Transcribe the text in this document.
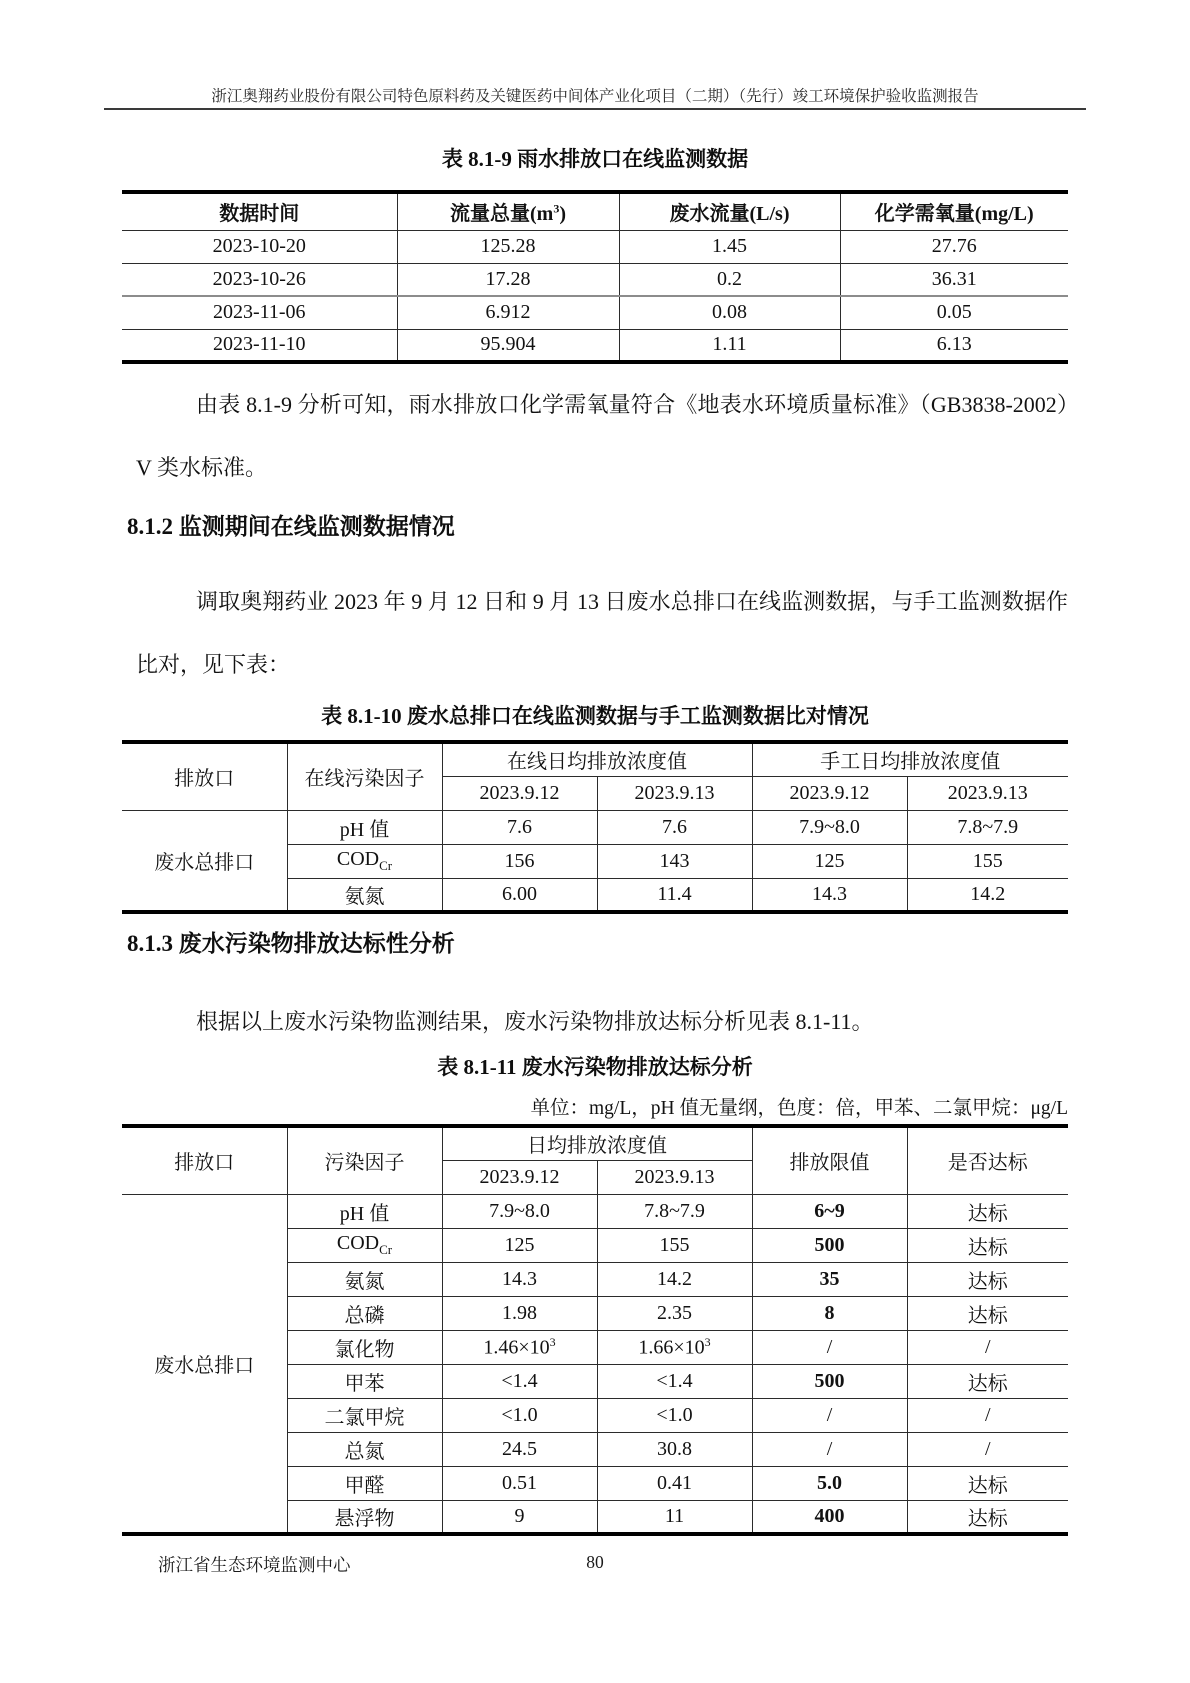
浙江奥翔药业股份有限公司特色原料药及关键医药中间体产业化项目（二期）（先行）竣工环境保护验收监测报告
表 8.1-9 雨水排放口在线监测数据
数据时间	流量总量$(m^3)$	废水流量(L/s)	化学需氧量(mg/L)
2023-10-20	125.28	1.45	27.76
2023-10-26	17.28	0.2	36.31
2023-11-06	6.912	0.08	0.05
2023-11-10	95.904	1.11	6.13

由表 8.1-9 分析可知，雨水排放口化学需氧量符合《地表水环境质量标准》（GB3838-2002）V 类水标准。

8.1.2 监测期间在线监测数据情况

调取奥翔药业 2023 年 9 月 12 日和 9 月 13 日废水总排口在线监测数据，与手工监测数据作比对，见下表：

表 8.1-10 废水总排口在线监测数据与手工监测数据比对情况
排放口	在线污染因子	在线日均排放浓度值		手工日均排放浓度值	
		2023.9.12	2023.9.13	2023.9.12	2023.9.13
废水总排口	pH 值	7.6	7.6	7.9~8.0	7.8~7.9
	$COD_{Cr}$	156	143	125	155
	氨氮	6.00	11.4	14.3	14.2
8.1.3 废水污染物排放达标性分析

根据以上废水污染物监测结果，废水污染物排放达标分析见表 8.1-11。

表 8.1-11 废水污染物排放达标分析
单位：mg/L，pH 值无量纲，色度：倍，甲苯、二氯甲烷：μg/L
排放口	污染因子	日均排放浓度值		排放限值	是否达标
		2023.9.12	2023.9.13		
废水总排口	pH 值	7.9~8.0	7.8~7.9	6~9	达标
	$COD_{Cr}$	125	155	500	达标
	氨氮	14.3	14.2	35	达标
	总磷	1.98	2.35	8	达标
	氯化物	$1.46\times 10^3$	$1.66\times 10^3$	/	/
	甲苯	<1.4	<1.4	500	达标
	二氯甲烷	<1.0	<1.0	/	/
	总氮	24.5	30.8	/	/
	甲醛	0.51	0.41	5.0	达标
	悬浮物	9	11	400	达标
浙江省生态环境监测中心	80
